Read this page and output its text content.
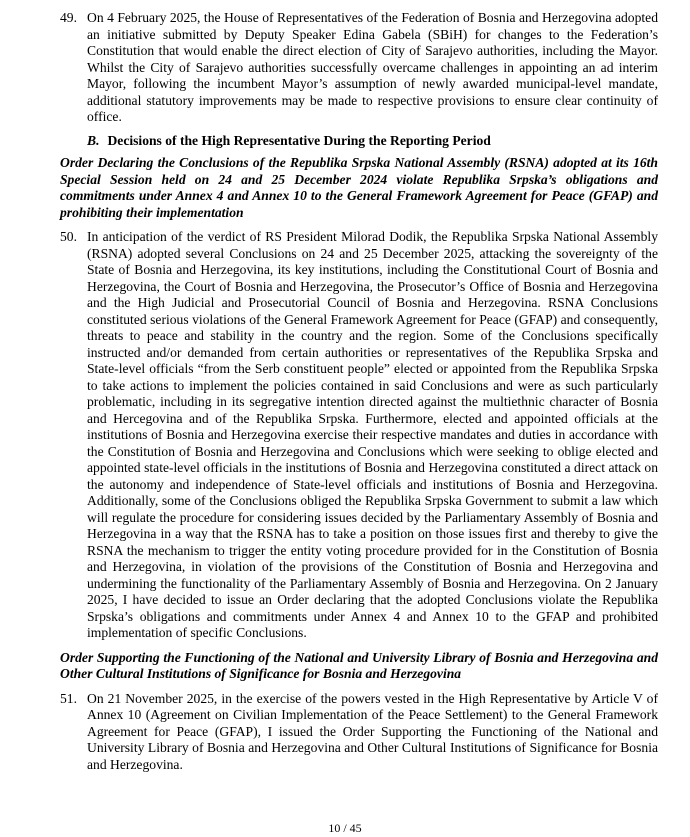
49. On 4 February 2025, the House of Representatives of the Federation of Bosnia and Herzegovina adopted an initiative submitted by Deputy Speaker Edina Gabela (SBiH) for changes to the Federation’s Constitution that would enable the direct election of City of Sarajevo authorities, including the Mayor. Whilst the City of Sarajevo authorities successfully overcame challenges in appointing an ad interim Mayor, following the incumbent Mayor’s assumption of newly awarded municipal-level mandate, additional statutory improvements may be made to respective provisions to ensure clear continuity of office.
B. Decisions of the High Representative During the Reporting Period
Order Declaring the Conclusions of the Republika Srpska National Assembly (RSNA) adopted at its 16th Special Session held on 24 and 25 December 2024 violate Republika Srpska’s obligations and commitments under Annex 4 and Annex 10 to the General Framework Agreement for Peace (GFAP) and prohibiting their implementation
50. In anticipation of the verdict of RS President Milorad Dodik, the Republika Srpska National Assembly (RSNA) adopted several Conclusions on 24 and 25 December 2025, attacking the sovereignty of the State of Bosnia and Herzegovina, its key institutions, including the Constitutional Court of Bosnia and Herzegovina, the Court of Bosnia and Herzegovina, the Prosecutor’s Office of Bosnia and Herzegovina and the High Judicial and Prosecutorial Council of Bosnia and Herzegovina. RSNA Conclusions constituted serious violations of the General Framework Agreement for Peace (GFAP) and consequently, threats to peace and stability in the country and the region. Some of the Conclusions specifically instructed and/or demanded from certain authorities or representatives of the Republika Srpska and State-level officials “from the Serb constituent people” elected or appointed from the Republika Srpska to take actions to implement the policies contained in said Conclusions and were as such particularly problematic, including in its segregative intention directed against the multiethnic character of Bosnia and Hercegovina and of the Republika Srpska. Furthermore, elected and appointed officials at the institutions of Bosnia and Herzegovina exercise their respective mandates and duties in accordance with the Constitution of Bosnia and Herzegovina and Conclusions which were seeking to oblige elected and appointed state-level officials in the institutions of Bosnia and Herzegovina constituted a direct attack on the autonomy and independence of State-level officials and institutions of Bosnia and Herzegovina. Additionally, some of the Conclusions obliged the Republika Srpska Government to submit a law which will regulate the procedure for considering issues decided by the Parliamentary Assembly of Bosnia and Herzegovina in a way that the RSNA has to take a position on those issues first and thereby to give the RSNA the mechanism to trigger the entity voting procedure provided for in the Constitution of Bosnia and Herzegovina, in violation of the provisions of the Constitution of Bosnia and Herzegovina and undermining the functionality of the Parliamentary Assembly of Bosnia and Herzegovina. On 2 January 2025, I have decided to issue an Order declaring that the adopted Conclusions violate the Republika Srpska’s obligations and commitments under Annex 4 and Annex 10 to the GFAP and prohibited implementation of specific Conclusions.
Order Supporting the Functioning of the National and University Library of Bosnia and Herzegovina and Other Cultural Institutions of Significance for Bosnia and Herzegovina
51. On 21 November 2025, in the exercise of the powers vested in the High Representative by Article V of Annex 10 (Agreement on Civilian Implementation of the Peace Settlement) to the General Framework Agreement for Peace (GFAP), I issued the Order Supporting the Functioning of the National and University Library of Bosnia and Herzegovina and Other Cultural Institutions of Significance for Bosnia and Herzegovina.
10 / 45
